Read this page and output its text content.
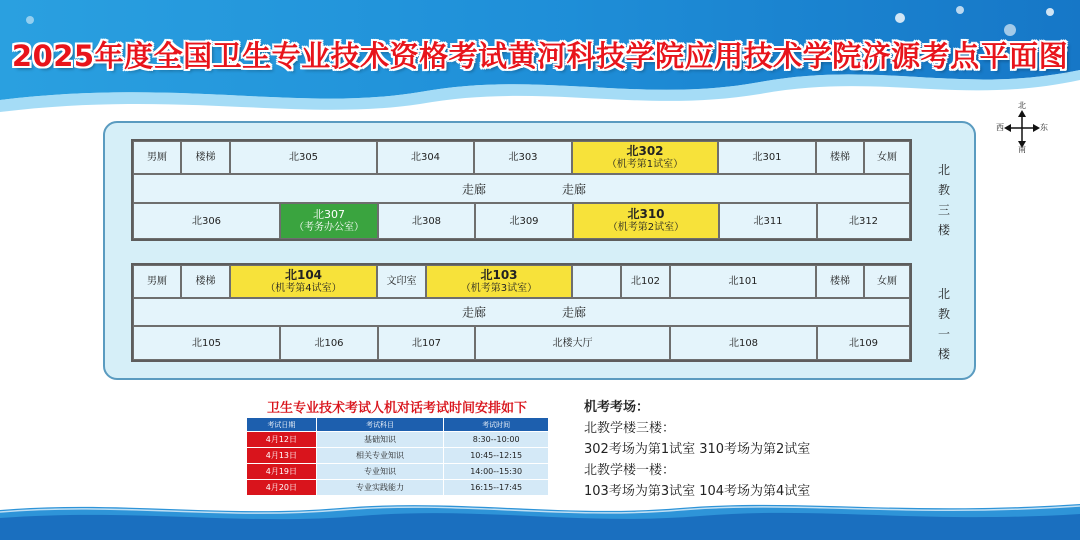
2025年度全国卫生专业技术资格考试黄河科技学院应用技术学院济源考点平面图
北
南
西	东
男厕	楼梯	北305	北304	北303	北302
（机考第1试室）
北301	楼梯	女厕
走廊	走廊
北306	北307
（考务办公室）
北308	北309	北310
（机考第2试室）
北311	北312
北
教
三
楼
男厕	楼梯	北104
（机考第4试室）
文印室	北103
（机考第3试室）
北102	北101	楼梯	女厕
走廊	走廊
北105	北106	北107	北楼大厅	北108	北109
北
教
一
楼
卫生专业技术考试人机对话考试时间安排如下
考试日期	考试科目	考试时间
4月12日	基础知识	8:30--10:00
4月13日	相关专业知识	10:45--12:15
4月19日	专业知识	14:00--15:30
4月20日	专业实践能力	16:15--17:45
机考考场：
北教学楼三楼：
302考场为第1试室 310考场为第2试室
北教学楼一楼：
103考场为第3试室 104考场为第4试室
